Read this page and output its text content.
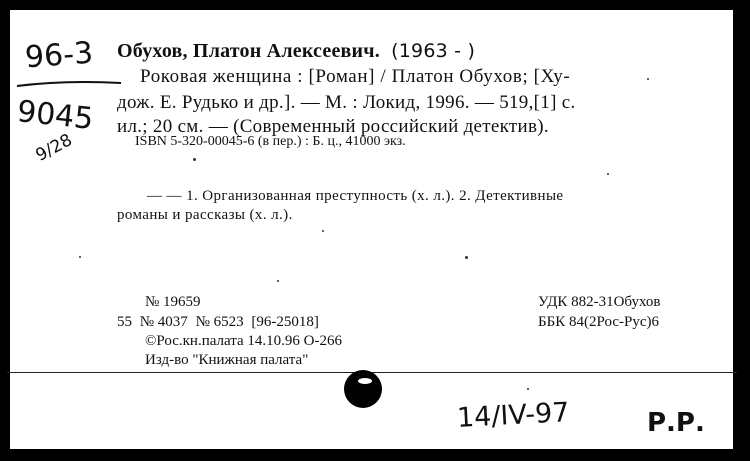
96-3
9045
9/28
Обухов, Платон Алексеевич. (1963 - )
Роковая женщина : [Роман] / Платон Обухов; [Ху-
дож. Е. Рудько и др.]. — М. : Локид, 1996. — 519,[1] с.
ил.; 20 см. — (Современный российский детектив).
ISBN 5-320-00045-6 (в пер.) : Б. ц., 41000 экз.
— — 1. Организованная преступность (х. л.). 2. Детективные
романы и рассказы (х. л.).
№ 19659
55 № 4037 № 6523 [96-25018]
©Рос.кн.палата 14.10.96 О-266
Изд-во "Книжная палата"
УДК 882-31Обухов
ББК 84(2Рос-Рус)6
14/IV-97	Р.Р.
